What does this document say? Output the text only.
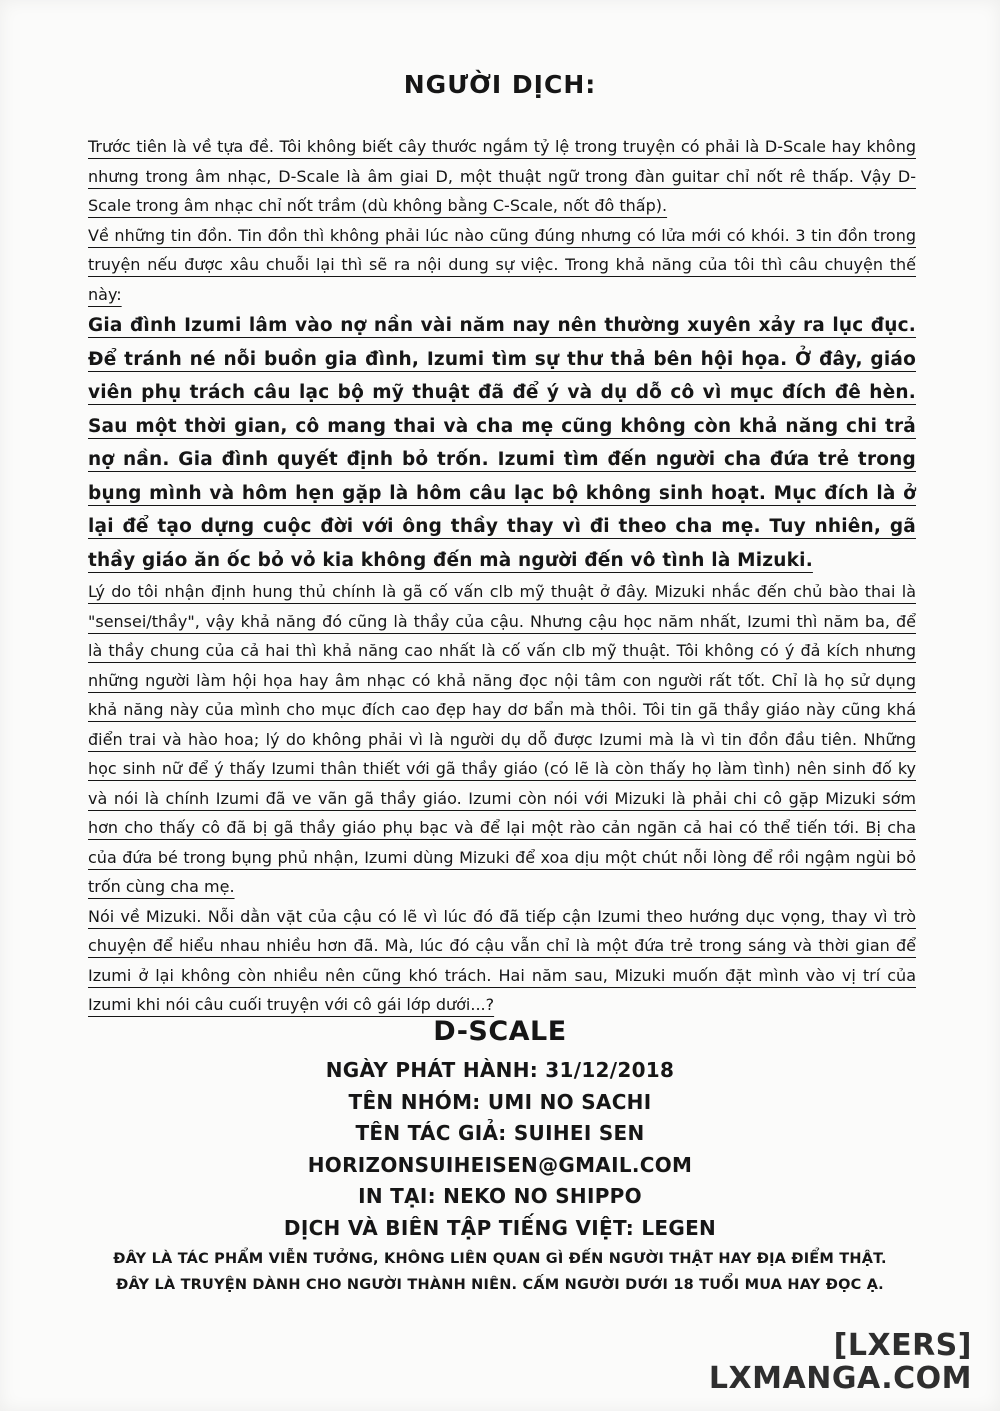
NGƯỜI DỊCH:

Trước tiên là về tựa đề. Tôi không biết cây thước ngắm tỷ lệ trong truyện có phải là D-Scale hay không nhưng trong âm nhạc, D-Scale là âm giai D, một thuật ngữ trong đàn guitar chỉ nốt rê thấp. Vậy D-Scale trong âm nhạc chỉ nốt trầm (dù không bằng C-Scale, nốt đô thấp).

Về những tin đồn. Tin đồn thì không phải lúc nào cũng đúng nhưng có lửa mới có khói. 3 tin đồn trong truyện nếu được xâu chuỗi lại thì sẽ ra nội dung sự việc. Trong khả năng của tôi thì câu chuyện thế này:

Gia đình Izumi lâm vào nợ nần vài năm nay nên thường xuyên xảy ra lục đục. Để tránh né nỗi buồn gia đình, Izumi tìm sự thư thả bên hội họa. Ở đây, giáo viên phụ trách câu lạc bộ mỹ thuật đã để ý và dụ dỗ cô vì mục đích đê hèn. Sau một thời gian, cô mang thai và cha mẹ cũng không còn khả năng chi trả nợ nần. Gia đình quyết định bỏ trốn. Izumi tìm đến người cha đứa trẻ trong bụng mình và hôm hẹn gặp là hôm câu lạc bộ không sinh hoạt. Mục đích là ở lại để tạo dựng cuộc đời với ông thầy thay vì đi theo cha mẹ. Tuy nhiên, gã thầy giáo ăn ốc bỏ vỏ kia không đến mà người đến vô tình là Mizuki.

Lý do tôi nhận định hung thủ chính là gã cố vấn clb mỹ thuật ở đây. Mizuki nhắc đến chủ bào thai là "sensei/thầy", vậy khả năng đó cũng là thầy của cậu. Nhưng cậu học năm nhất, Izumi thì năm ba, để là thầy chung của cả hai thì khả năng cao nhất là cố vấn clb mỹ thuật. Tôi không có ý đả kích nhưng những người làm hội họa hay âm nhạc có khả năng đọc nội tâm con người rất tốt. Chỉ là họ sử dụng khả năng này của mình cho mục đích cao đẹp hay dơ bẩn mà thôi. Tôi tin gã thầy giáo này cũng khá điển trai và hào hoa; lý do không phải vì là người dụ dỗ được Izumi mà là vì tin đồn đầu tiên. Những học sinh nữ để ý thấy Izumi thân thiết với gã thầy giáo (có lẽ là còn thấy họ làm tình) nên sinh đố ky và nói là chính Izumi đã ve vãn gã thầy giáo. Izumi còn nói với Mizuki là phải chi cô gặp Mizuki sớm hơn cho thấy cô đã bị gã thầy giáo phụ bạc và để lại một rào cản ngăn cả hai có thể tiến tới. Bị cha của đứa bé trong bụng phủ nhận, Izumi dùng Mizuki để xoa dịu một chút nỗi lòng để rồi ngậm ngùi bỏ trốn cùng cha mẹ.

Nói về Mizuki. Nỗi dằn vặt của cậu có lẽ vì lúc đó đã tiếp cận Izumi theo hướng dục vọng, thay vì trò chuyện để hiểu nhau nhiều hơn đã. Mà, lúc đó cậu vẫn chỉ là một đứa trẻ trong sáng và thời gian để Izumi ở lại không còn nhiều nên cũng khó trách. Hai năm sau, Mizuki muốn đặt mình vào vị trí của Izumi khi nói câu cuối truyện với cô gái lớp dưới...?

D-SCALE
NGÀY PHÁT HÀNH: 31/12/2018
TÊN NHÓM: UMI NO SACHI
TÊN TÁC GIẢ: SUIHEI SEN
HORIZONSUIHEISEN@GMAIL.COM
IN TẠI: NEKO NO SHIPPO
DỊCH VÀ BIÊN TẬP TIẾNG VIỆT: LEGEN
ĐÂY LÀ TÁC PHẨM VIỄN TƯỞNG, KHÔNG LIÊN QUAN GÌ ĐẾN NGƯỜI THẬT HAY ĐỊA ĐIỂM THẬT.
ĐÂY LÀ TRUYỆN DÀNH CHO NGƯỜI THÀNH NIÊN. CẤM NGƯỜI DƯỚI 18 TUỔI MUA HAY ĐỌC Ạ.
[LXERS]
LXMANGA.COM
